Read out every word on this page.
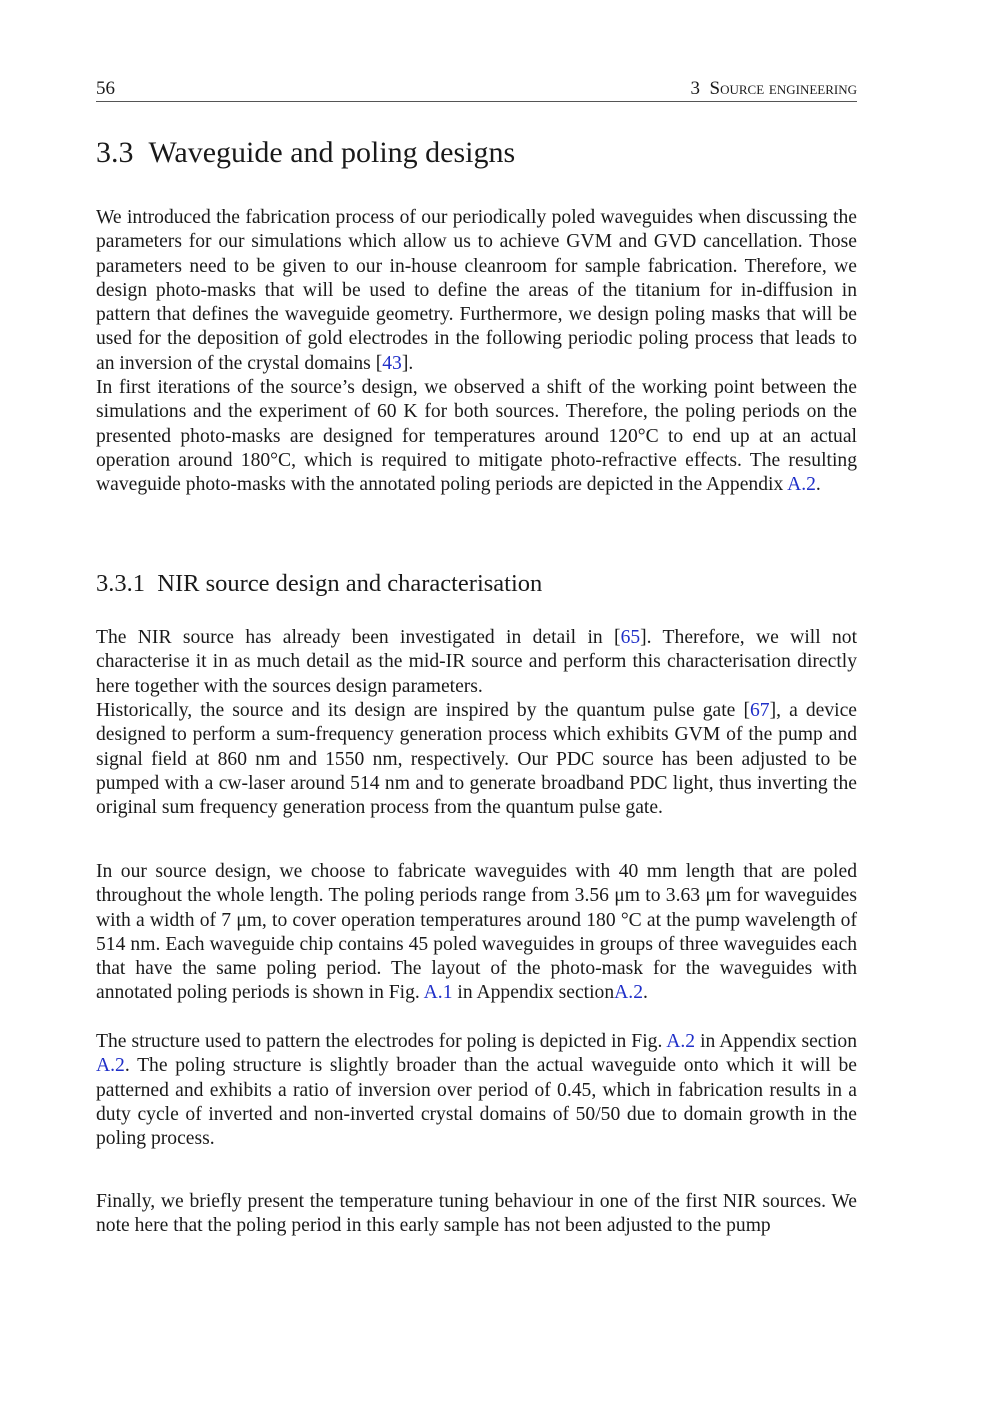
56	3 Source engineering
3.3 Waveguide and poling designs

We introduced the fabrication process of our periodically poled waveguides when discussing the parameters for our simulations which allow us to achieve GVM and GVD cancellation. Those parameters need to be given to our in-house cleanroom for sample fabrication. Therefore, we design photo-masks that will be used to define the areas of the titanium for in-diffusion in pattern that defines the waveguide geometry. Furthermore, we design poling masks that will be used for the deposition of gold electrodes in the following periodic poling process that leads to an inversion of the crystal domains [43].

In first iterations of the source’s design, we observed a shift of the working point between the simulations and the experiment of 60 K for both sources. Therefore, the poling periods on the presented photo-masks are designed for temperatures around 120°C to end up at an actual operation around 180°C, which is required to mitigate photo-refractive effects. The resulting waveguide photo-masks with the annotated poling periods are depicted in the Appendix A.2.

3.3.1 NIR source design and characterisation

The NIR source has already been investigated in detail in [65]. Therefore, we will not characterise it in as much detail as the mid-IR source and perform this characterisation directly here together with the sources design parameters.

Historically, the source and its design are inspired by the quantum pulse gate [67], a device designed to perform a sum-frequency generation process which exhibits GVM of the pump and signal field at 860 nm and 1550 nm, respectively. Our PDC source has been adjusted to be pumped with a cw-laser around 514 nm and to generate broadband PDC light, thus inverting the original sum frequency generation process from the quantum pulse gate.

In our source design, we choose to fabricate waveguides with 40 mm length that are poled throughout the whole length. The poling periods range from 3.56 μm to 3.63 μm for waveguides with a width of 7 μm, to cover operation temperatures around 180 °C at the pump wavelength of 514 nm. Each waveguide chip contains 45 poled waveguides in groups of three waveguides each that have the same poling period. The layout of the photo-mask for the waveguides with annotated poling periods is shown in Fig. A.1 in Appendix sectionA.2.

The structure used to pattern the electrodes for poling is depicted in Fig. A.2 in Appendix section A.2. The poling structure is slightly broader than the actual waveguide onto which it will be patterned and exhibits a ratio of inversion over period of 0.45, which in fabrication results in a duty cycle of inverted and non-inverted crystal domains of 50/50 due to domain growth in the poling process.

Finally, we briefly present the temperature tuning behaviour in one of the first NIR sources. We note here that the poling period in this early sample has not been adjusted to the pump
